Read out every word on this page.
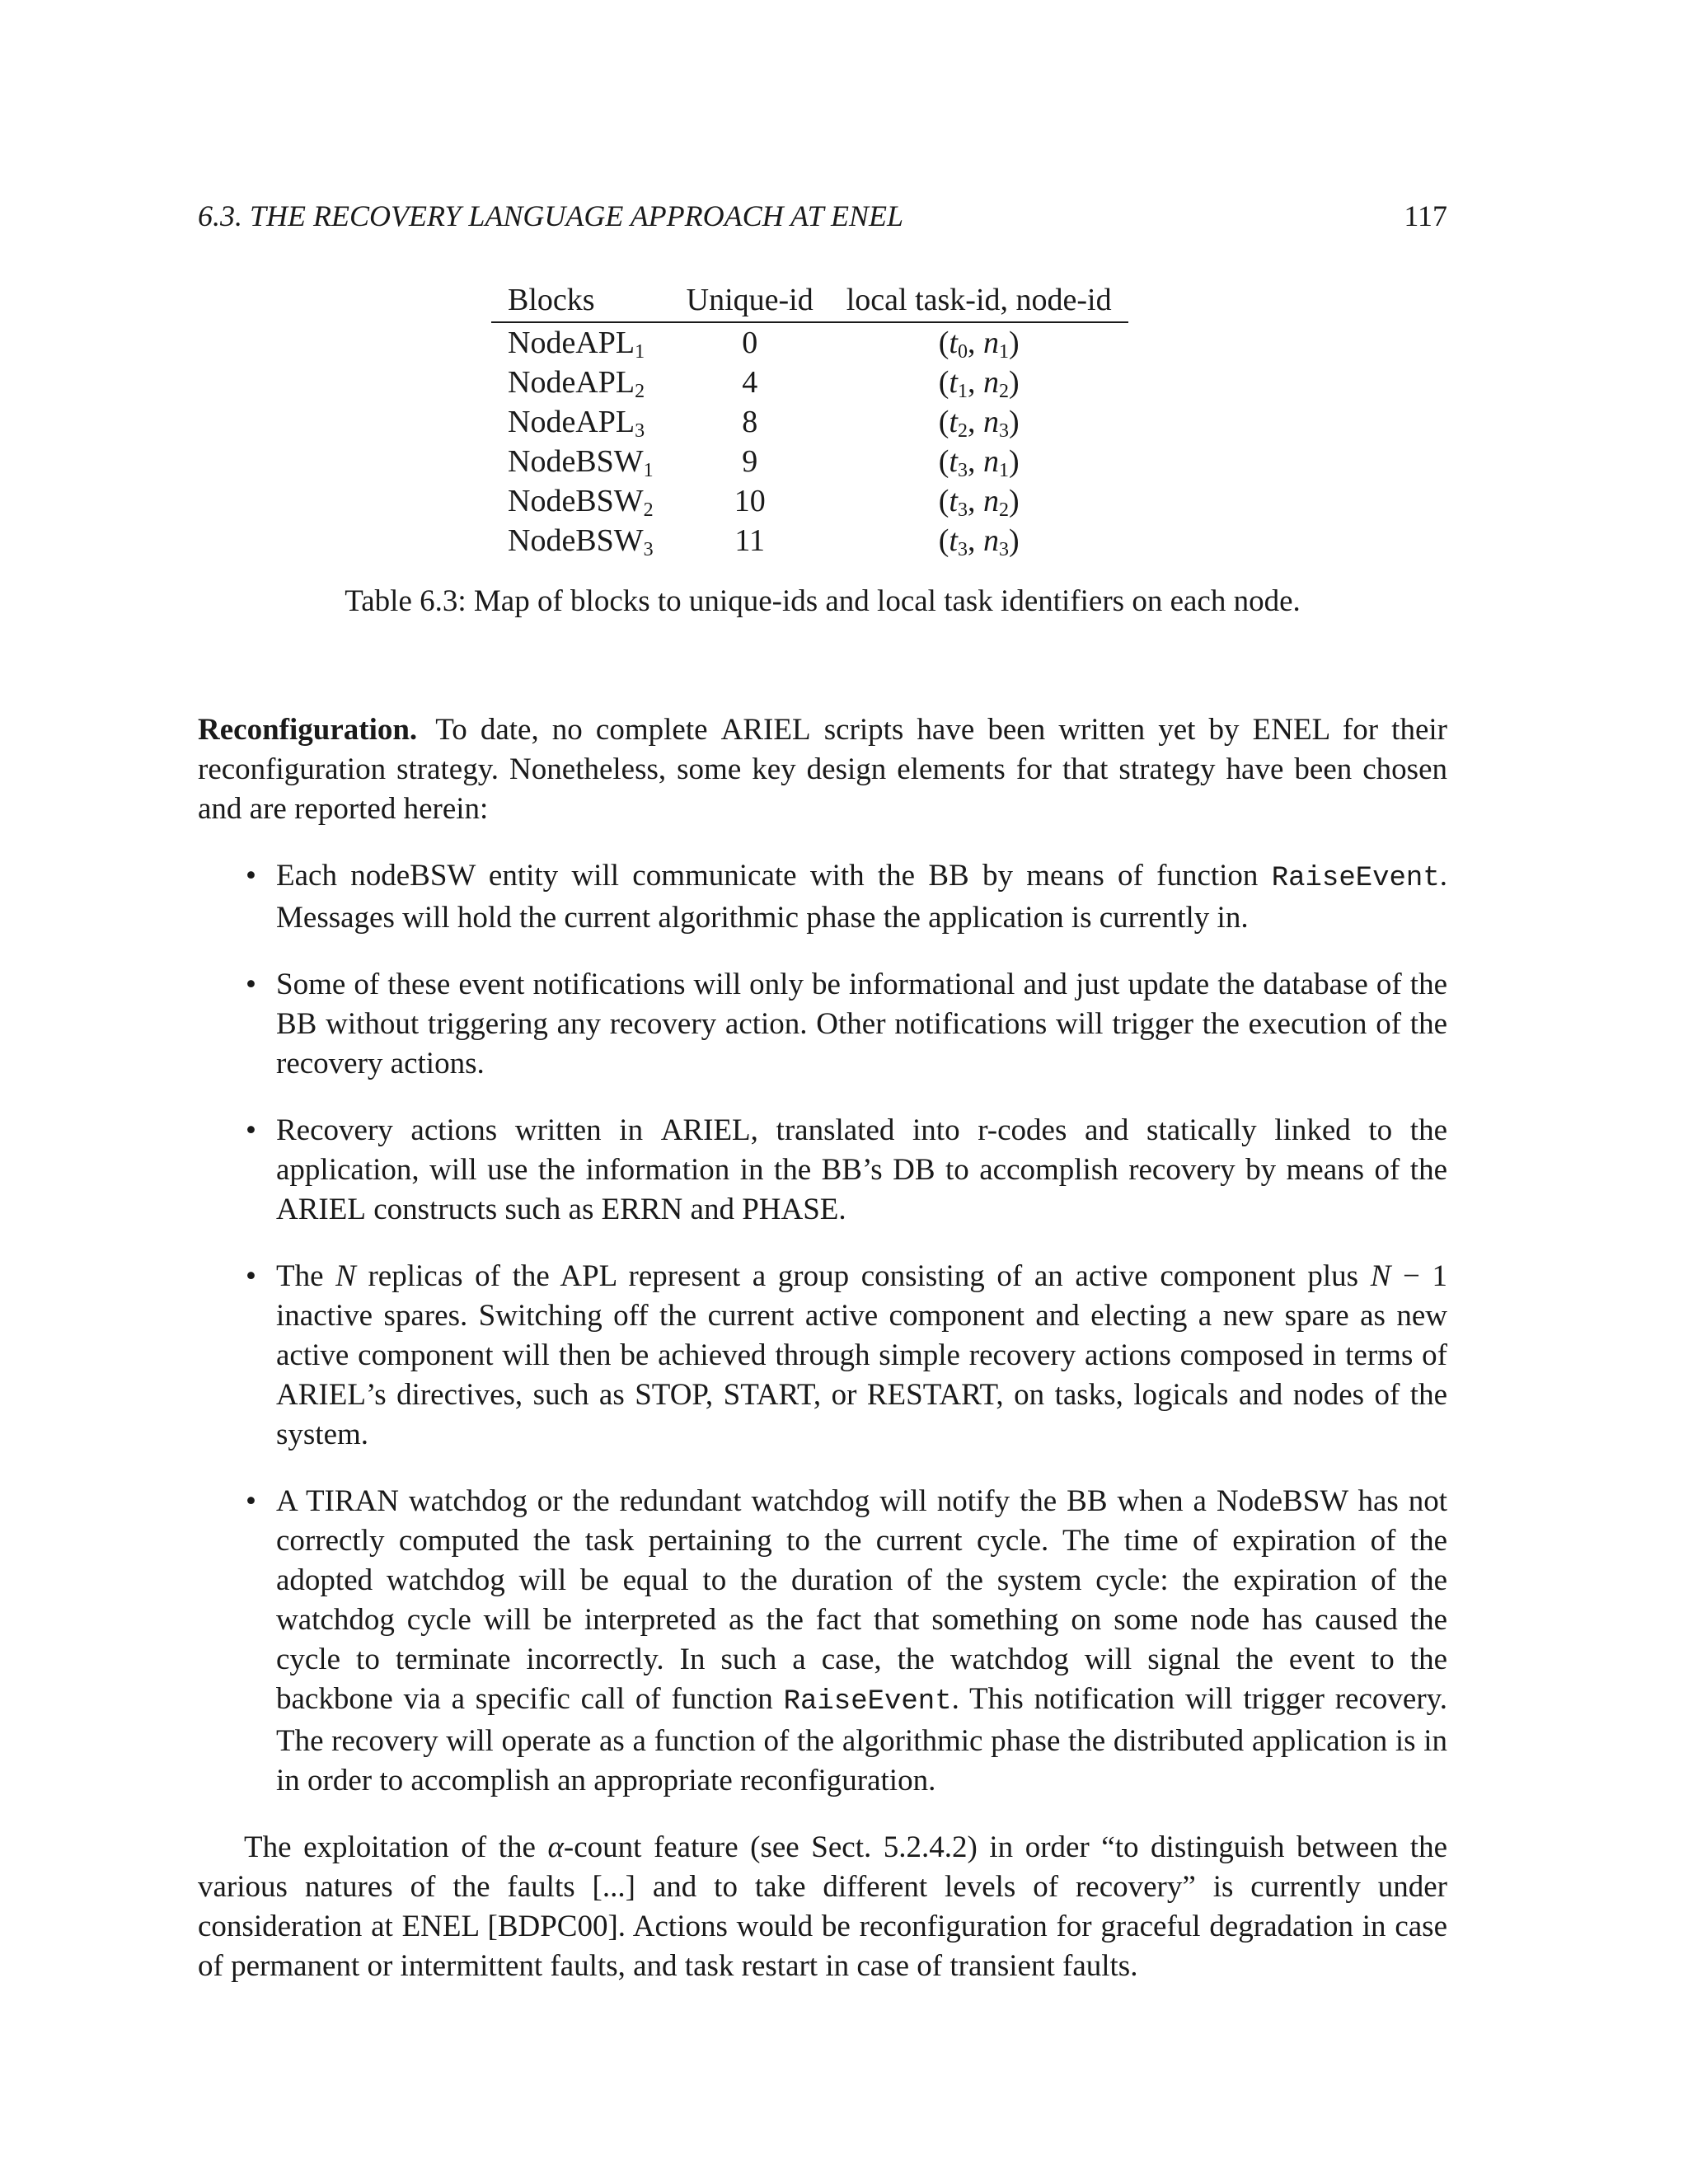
6.3. THE RECOVERY LANGUAGE APPROACH AT ENEL	117
Blocks	Unique-id	local task-id, node-id
NodeAPL$_1$	0	($t_0$, $n_1$)
NodeAPL$_2$	4	($t_1$, $n_2$)
NodeAPL$_3$	8	($t_2$, $n_3$)
NodeBSW$_1$	9	($t_3$, $n_1$)
NodeBSW$_2$	10	($t_3$, $n_2$)
NodeBSW$_3$	11	($t_3$, $n_3$)
Table 6.3: Map of blocks to unique-ids and local task identifiers on each node.

Reconfiguration. To date, no complete ARIEL scripts have been written yet by ENEL for their reconfiguration strategy. Nonetheless, some key design elements for that strategy have been chosen and are reported herein:

• Each nodeBSW entity will communicate with the BB by means of function RaiseEvent. Messages will hold the current algorithmic phase the application is currently in.
• Some of these event notifications will only be informational and just update the database of the BB without triggering any recovery action. Other notifications will trigger the execution of the recovery actions.
• Recovery actions written in ARIEL, translated into r-codes and statically linked to the application, will use the information in the BB’s DB to accomplish recovery by means of the ARIEL constructs such as ERRN and PHASE.
• The N replicas of the APL represent a group consisting of an active component plus N − 1 inactive spares. Switching off the current active component and electing a new spare as new active component will then be achieved through simple recovery actions composed in terms of ARIEL’s directives, such as STOP, START, or RESTART, on tasks, logicals and nodes of the system.
• A TIRAN watchdog or the redundant watchdog will notify the BB when a NodeBSW has not correctly computed the task pertaining to the current cycle. The time of expiration of the adopted watchdog will be equal to the duration of the system cycle: the expiration of the watchdog cycle will be interpreted as the fact that something on some node has caused the cycle to terminate incorrectly. In such a case, the watchdog will signal the event to the backbone via a specific call of function RaiseEvent. This notification will trigger recovery. The recovery will operate as a function of the algorithmic phase the distributed application is in in order to accomplish an appropriate reconfiguration.

The exploitation of the α-count feature (see Sect. 5.2.4.2) in order “to distinguish between the various natures of the faults [...] and to take different levels of recovery” is currently under consideration at ENEL [BDPC00]. Actions would be reconfiguration for graceful degradation in case of permanent or intermittent faults, and task restart in case of transient faults.
